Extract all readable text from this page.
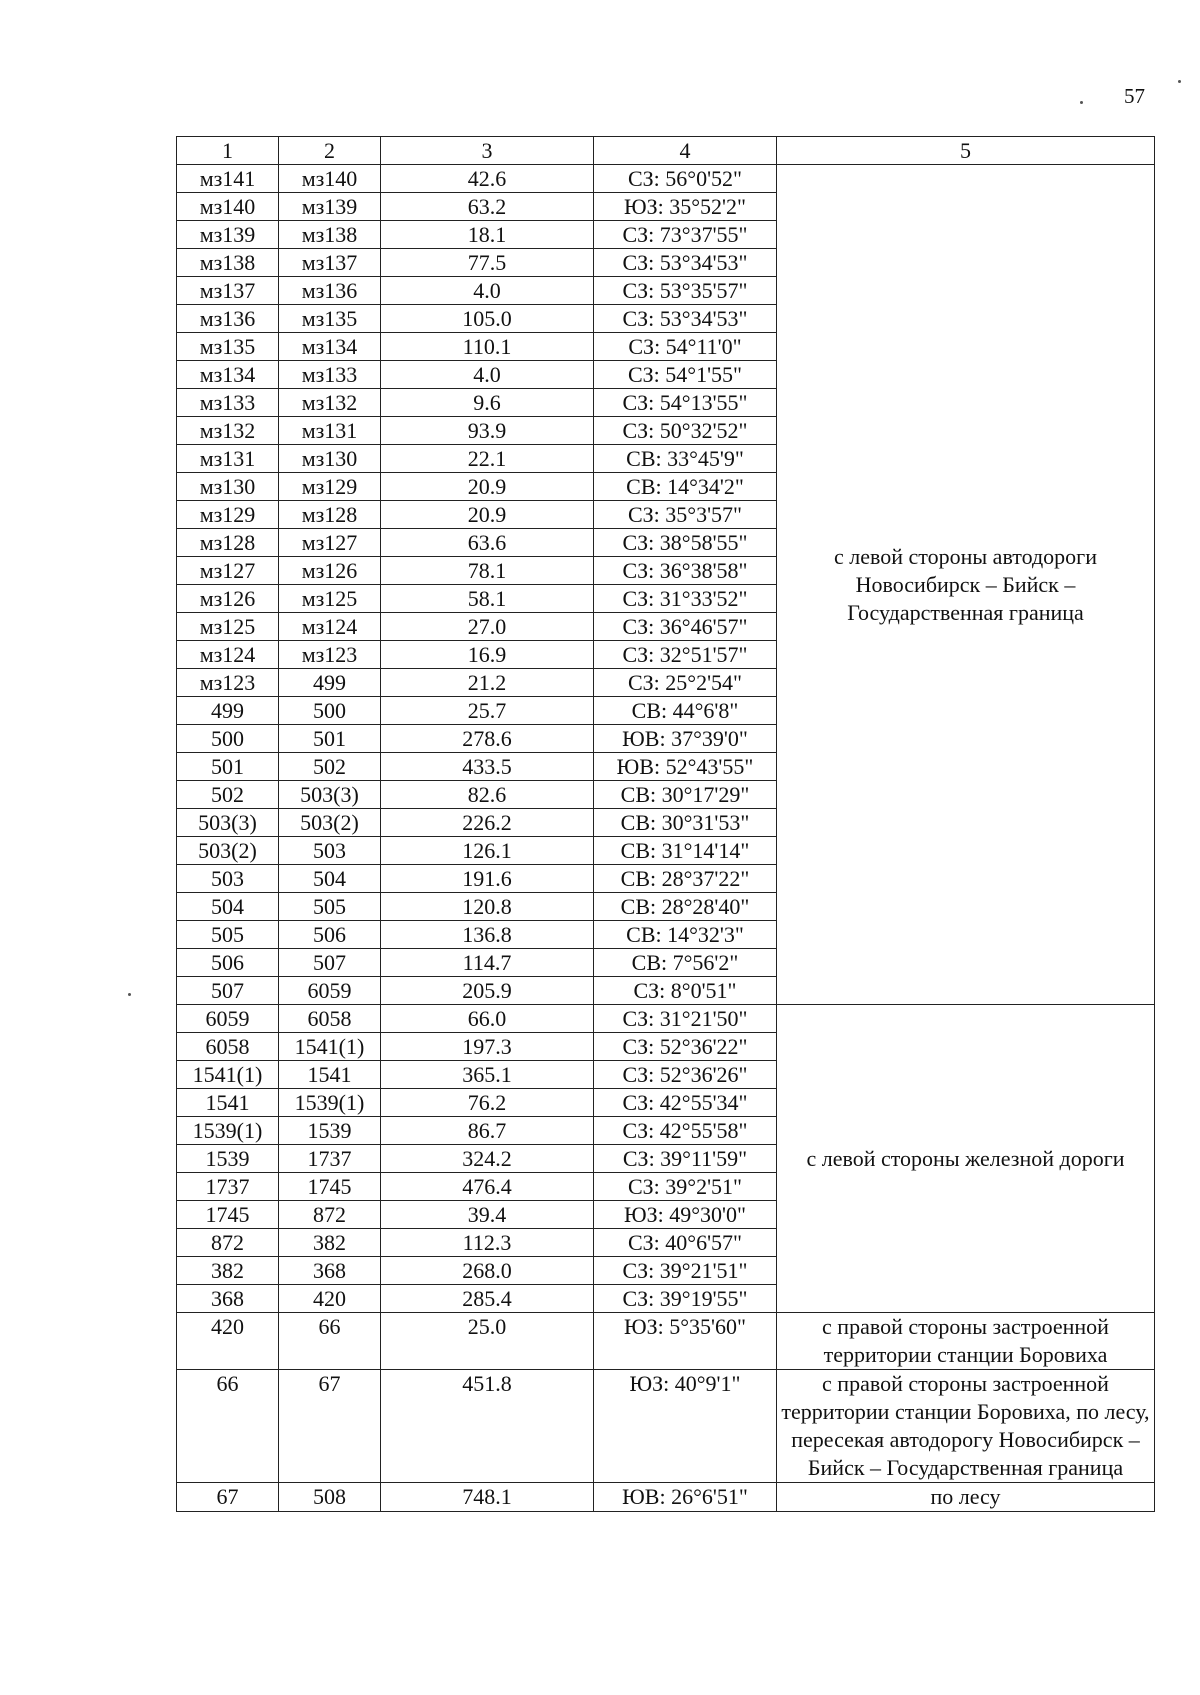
57
1	2	3	4	5
мз141	мз140	42.6	СЗ: 56°0'52"	с левой стороны автодороги Новосибирск – Бийск – Государственная граница
мз140	мз139	63.2	ЮЗ: 35°52'2"	
мз139	мз138	18.1	СЗ: 73°37'55"	
мз138	мз137	77.5	СЗ: 53°34'53"	
мз137	мз136	4.0	СЗ: 53°35'57"	
мз136	мз135	105.0	СЗ: 53°34'53"	
мз135	мз134	110.1	СЗ: 54°11'0"	
мз134	мз133	4.0	СЗ: 54°1'55"	
мз133	мз132	9.6	СЗ: 54°13'55"	
мз132	мз131	93.9	СЗ: 50°32'52"	
мз131	мз130	22.1	СВ: 33°45'9"	
мз130	мз129	20.9	СВ: 14°34'2"	
мз129	мз128	20.9	СЗ: 35°3'57"	
мз128	мз127	63.6	СЗ: 38°58'55"	
мз127	мз126	78.1	СЗ: 36°38'58"	
мз126	мз125	58.1	СЗ: 31°33'52"	
мз125	мз124	27.0	СЗ: 36°46'57"	
мз124	мз123	16.9	СЗ: 32°51'57"	
мз123	499	21.2	СЗ: 25°2'54"	
499	500	25.7	СВ: 44°6'8"	
500	501	278.6	ЮВ: 37°39'0"	
501	502	433.5	ЮВ: 52°43'55"	
502	503(3)	82.6	СВ: 30°17'29"	
503(3)	503(2)	226.2	СВ: 30°31'53"	
503(2)	503	126.1	СВ: 31°14'14"	
503	504	191.6	СВ: 28°37'22"	
504	505	120.8	СВ: 28°28'40"	
505	506	136.8	СВ: 14°32'3"	
506	507	114.7	СВ: 7°56'2"	
507	6059	205.9	СЗ: 8°0'51"	
6059	6058	66.0	СЗ: 31°21'50"	с левой стороны железной дороги
6058	1541(1)	197.3	СЗ: 52°36'22"	
1541(1)	1541	365.1	СЗ: 52°36'26"	
1541	1539(1)	76.2	СЗ: 42°55'34"	
1539(1)	1539	86.7	СЗ: 42°55'58"	
1539	1737	324.2	СЗ: 39°11'59"	
1737	1745	476.4	СЗ: 39°2'51"	
1745	872	39.4	ЮЗ: 49°30'0"	
872	382	112.3	СЗ: 40°6'57"	
382	368	268.0	СЗ: 39°21'51"	
368	420	285.4	СЗ: 39°19'55"	
420	66	25.0	ЮЗ: 5°35'60"	с правой стороны застроенной территории станции Боровиха
66	67	451.8	ЮЗ: 40°9'1"	с правой стороны застроенной территории станции Боровиха, по лесу, пересекая автодорогу Новосибирск – Бийск – Государственная граница
67	508	748.1	ЮВ: 26°6'51"	по лесу
